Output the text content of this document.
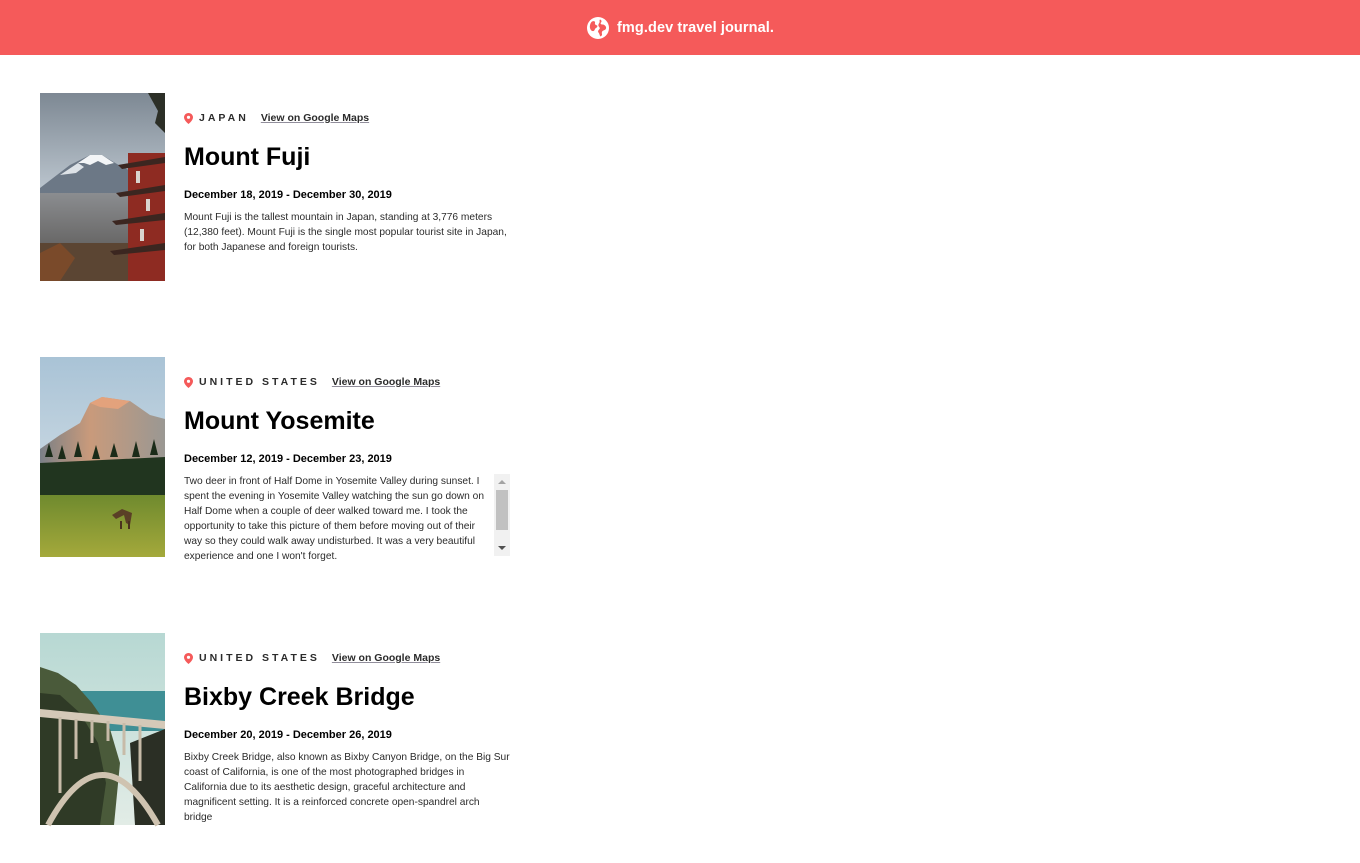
fmg.dev travel journal.
JAPAN View on Google Maps
Mount Fuji

December 18, 2019 - December 30, 2019

Mount Fuji is the tallest mountain in Japan, standing at 3,776 meters (12,380 feet). Mount Fuji is the single most popular tourist site in Japan, for both Japanese and foreign tourists.

UNITED STATES View on Google Maps
Mount Yosemite

December 12, 2019 - December 23, 2019

Two deer in front of Half Dome in Yosemite Valley during sunset. I spent the evening in Yosemite Valley watching the sun go down on Half Dome when a couple of deer walked toward me. I took the opportunity to take this picture of them before moving out of their way so they could walk away undisturbed. It was a very beautiful experience and one I won't forget.

UNITED STATES View on Google Maps
Bixby Creek Bridge

December 20, 2019 - December 26, 2019

Bixby Creek Bridge, also known as Bixby Canyon Bridge, on the Big Sur coast of California, is one of the most photographed bridges in California due to its aesthetic design, graceful architecture and magnificent setting. It is a reinforced concrete open-spandrel arch bridge
